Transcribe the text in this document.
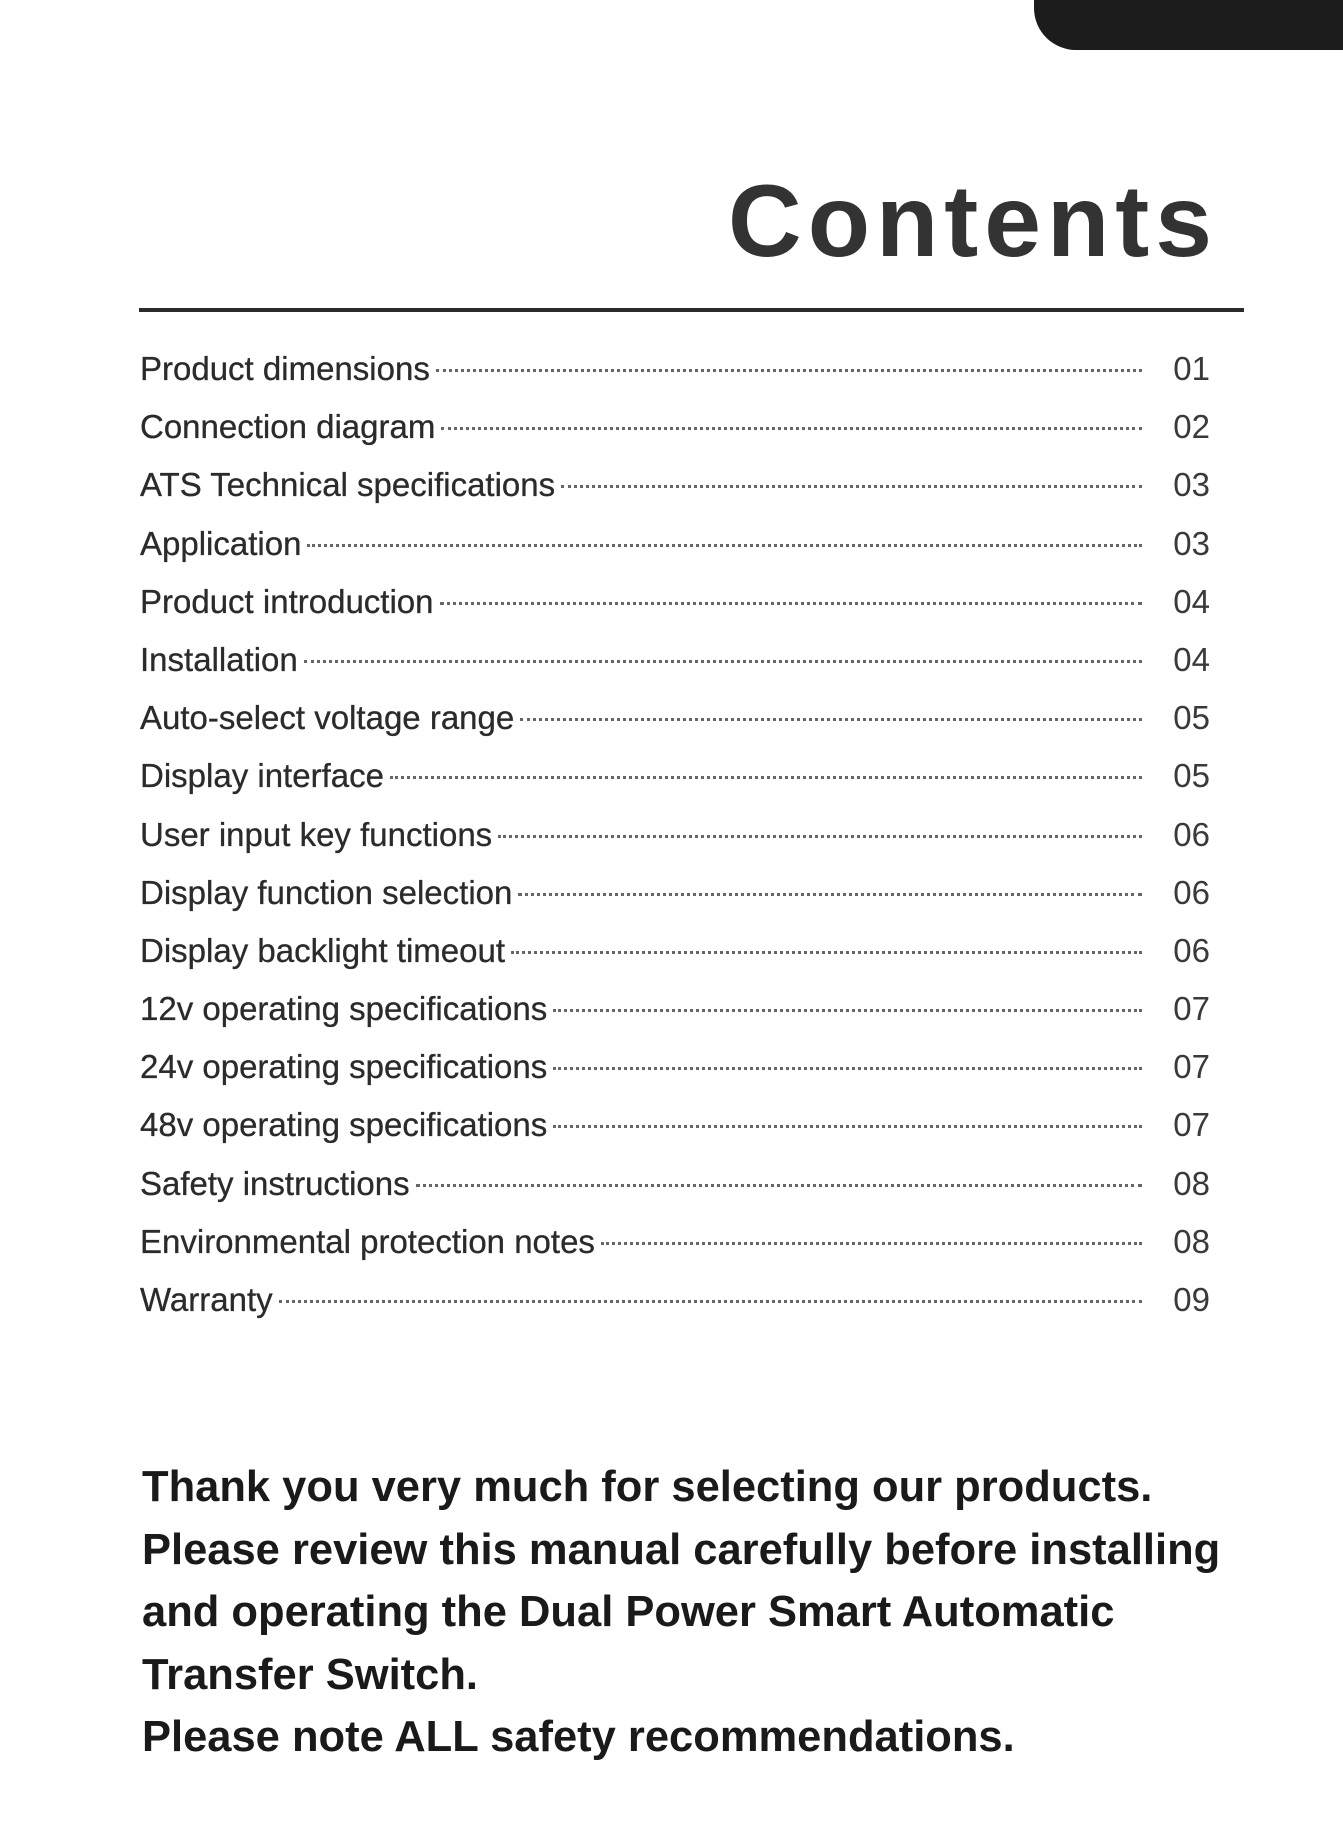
Contents
Product dimensions	01
Connection diagram	02
ATS Technical specifications	03
Application	03
Product introduction	04
Installation	04
Auto-select voltage range	05
Display interface	05
User input key functions	06
Display function selection	06
Display backlight timeout	06
12v operating specifications	07
24v operating specifications	07
48v operating specifications	07
Safety instructions	08
Environmental protection notes	08
Warranty	09
Thank you very much for selecting our products.
Please review this manual carefully before installing
and operating the Dual Power Smart Automatic
Transfer Switch.
Please note ALL safety recommendations.
